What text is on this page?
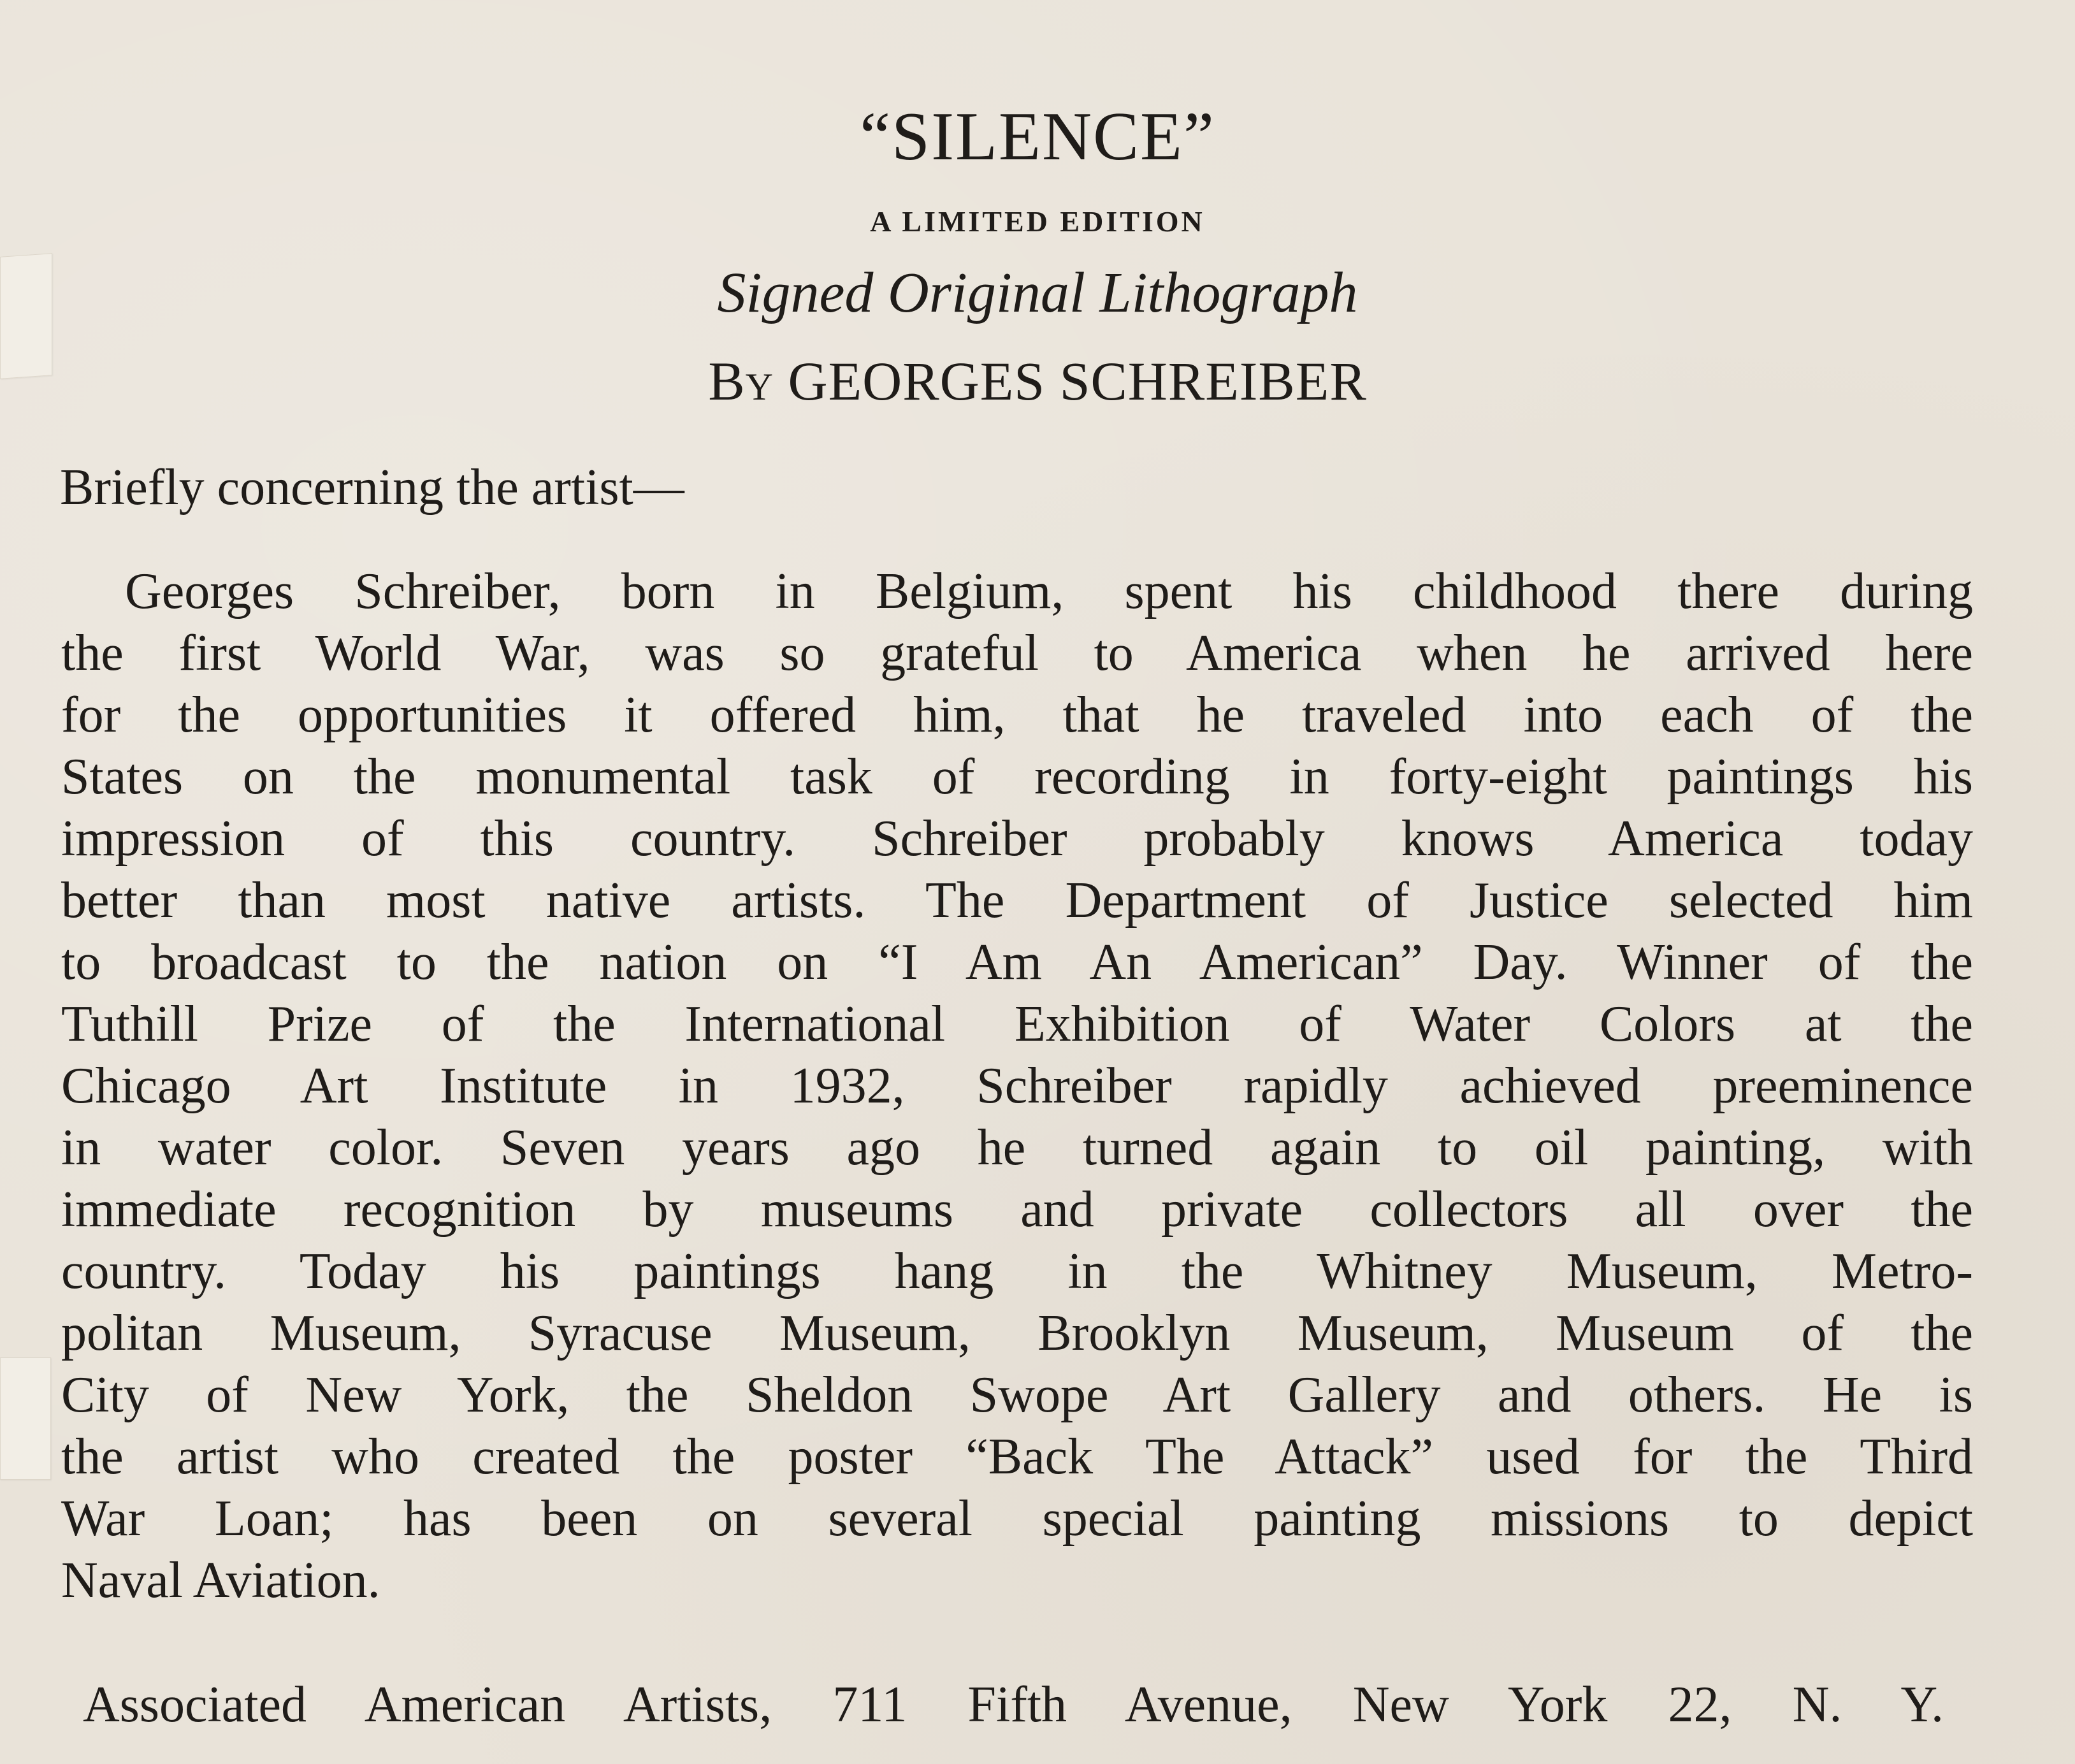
“SILENCE”
A LIMITED EDITION
Signed Original Lithograph
By GEORGES SCHREIBER
Briefly concerning the artist—
Georges Schreiber, born in Belgium, spent his childhood there during
the first World War, was so grateful to America when he arrived here
for the opportunities it offered him, that he traveled into each of the
States on the monumental task of recording in forty-eight paintings his
impression of this country. Schreiber probably knows America today
better than most native artists. The Department of Justice selected him
to broadcast to the nation on “I Am An American” Day. Winner of the
Tuthill Prize of the International Exhibition of Water Colors at the
Chicago Art Institute in 1932, Schreiber rapidly achieved preeminence
in water color. Seven years ago he turned again to oil painting, with
immediate recognition by museums and private collectors all over the
country. Today his paintings hang in the Whitney Museum, Metro-
politan Museum, Syracuse Museum, Brooklyn Museum, Museum of the
City of New York, the Sheldon Swope Art Gallery and others. He is
the artist who created the poster “Back The Attack” used for the Third
War Loan; has been on several special painting missions to depict
Naval Aviation.
Associated American Artists, 711 Fifth Avenue, New York 22, N. Y.
